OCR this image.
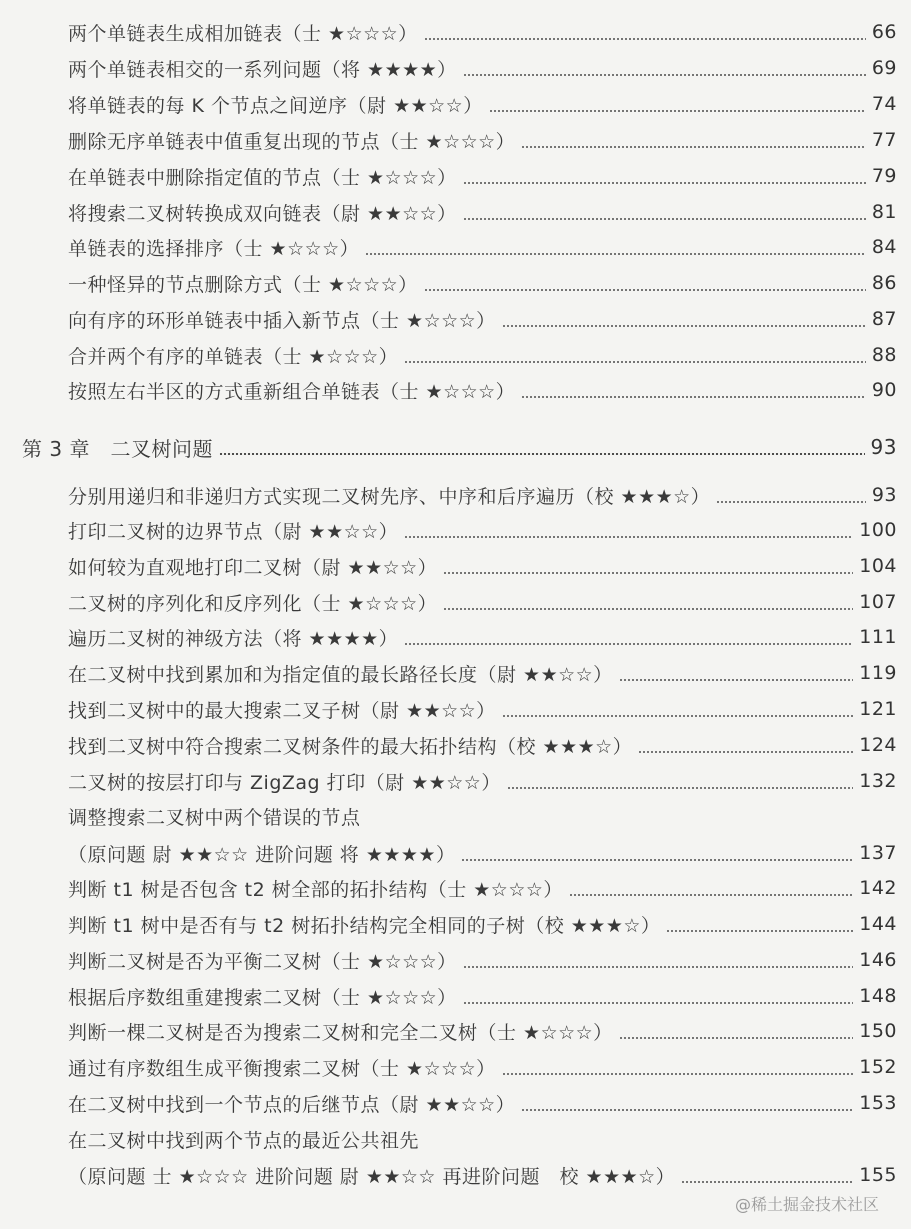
两个单链表生成相加链表（士 ★☆☆☆）	66
两个单链表相交的一系列问题（将 ★★★★）	69
将单链表的每 K 个节点之间逆序（尉 ★★☆☆）	74
删除无序单链表中值重复出现的节点（士 ★☆☆☆）	77
在单链表中删除指定值的节点（士 ★☆☆☆）	79
将搜索二叉树转换成双向链表（尉 ★★☆☆）	81
单链表的选择排序（士 ★☆☆☆）	84
一种怪异的节点删除方式（士 ★☆☆☆）	86
向有序的环形单链表中插入新节点（士 ★☆☆☆）	87
合并两个有序的单链表（士 ★☆☆☆）	88
按照左右半区的方式重新组合单链表（士 ★☆☆☆）	90
第 3 章　二叉树问题	93
分别用递归和非递归方式实现二叉树先序、中序和后序遍历（校 ★★★☆）	93
打印二叉树的边界节点（尉 ★★☆☆）	100
如何较为直观地打印二叉树（尉 ★★☆☆）	104
二叉树的序列化和反序列化（士 ★☆☆☆）	107
遍历二叉树的神级方法（将 ★★★★）	111
在二叉树中找到累加和为指定值的最长路径长度（尉 ★★☆☆）	119
找到二叉树中的最大搜索二叉子树（尉 ★★☆☆）	121
找到二叉树中符合搜索二叉树条件的最大拓扑结构（校 ★★★☆）	124
二叉树的按层打印与 ZigZag 打印（尉 ★★☆☆）	132
调整搜索二叉树中两个错误的节点
（原问题 尉 ★★☆☆ 进阶问题 将 ★★★★）	137
判断 t1 树是否包含 t2 树全部的拓扑结构（士 ★☆☆☆）	142
判断 t1 树中是否有与 t2 树拓扑结构完全相同的子树（校 ★★★☆）	144
判断二叉树是否为平衡二叉树（士 ★☆☆☆）	146
根据后序数组重建搜索二叉树（士 ★☆☆☆）	148
判断一棵二叉树是否为搜索二叉树和完全二叉树（士 ★☆☆☆）	150
通过有序数组生成平衡搜索二叉树（士 ★☆☆☆）	152
在二叉树中找到一个节点的后继节点（尉 ★★☆☆）	153
在二叉树中找到两个节点的最近公共祖先
（原问题 士 ★☆☆☆ 进阶问题 尉 ★★☆☆ 再进阶问题　校 ★★★☆）	155
@稀土掘金技术社区
